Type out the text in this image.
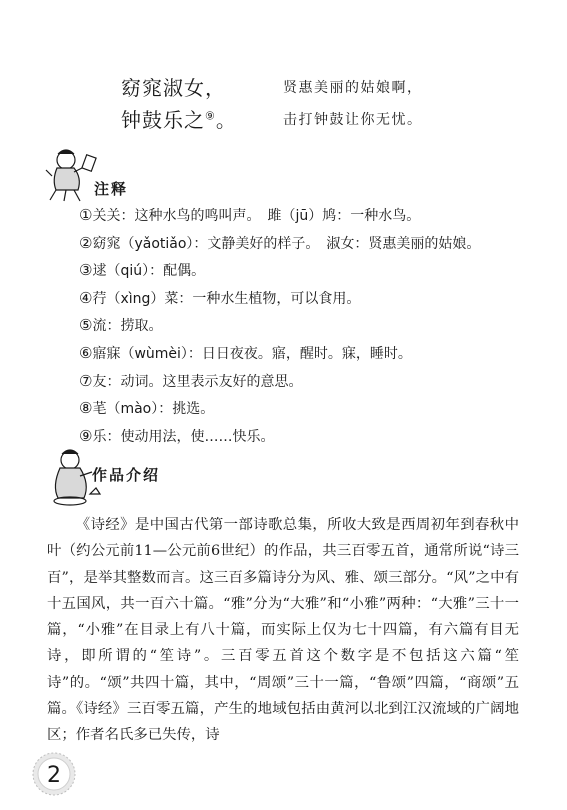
窈窕淑女，	贤惠美丽的姑娘啊，
钟鼓乐之⑨。	击打钟鼓让你无忧。
注释
①关关：这种水鸟的鸣叫声。　雎（jū）鸠：一种水鸟。
②窈窕（yǎotiǎo）：文静美好的样子。　淑女：贤惠美丽的姑娘。
③逑（qiú）：配偶。
④荇（xìng）菜：一种水生植物，可以食用。
⑤流：捞取。
⑥寤寐（wùmèi）：日日夜夜。寤，醒时。寐，睡时。
⑦友：动词。这里表示友好的意思。
⑧芼（mào）：挑选。
⑨乐：使动用法，使……快乐。
作品介绍

《诗经》是中国古代第一部诗歌总集，所收大致是西周初年到春秋中叶（约公元前11—公元前6世纪）的作品，共三百零五首，通常所说“诗三百”，是举其整数而言。这三百多篇诗分为风、雅、颂三部分。“风”之中有十五国风，共一百六十篇。“雅”分为“大雅”和“小雅”两种：“大雅”三十一篇，“小雅”在目录上有八十篇，而实际上仅为七十四篇，有六篇有目无诗，即所谓的“笙诗”。三百零五首这个数字是不包括这六篇“笙诗”的。“颂”共四十篇，其中，“周颂”三十一篇，“鲁颂”四篇，“商颂”五篇。《诗经》三百零五篇，产生的地域包括由黄河以北到江汉流域的广阔地区；作者名氏多已失传，诗

2
